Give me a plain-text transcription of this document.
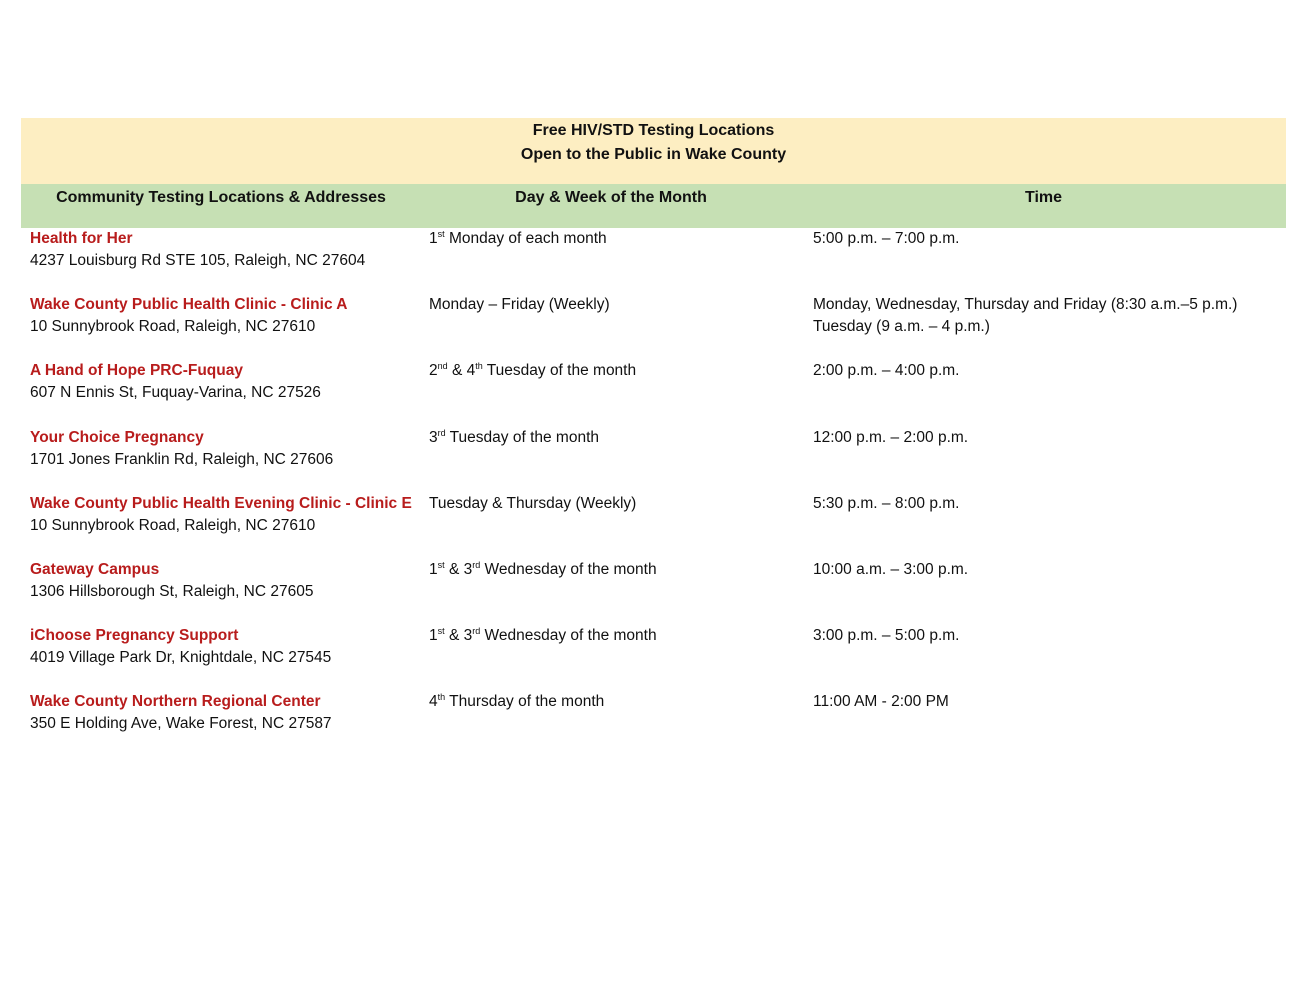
Free HIV/STD Testing Locations
Open to the Public in Wake County
Community Testing Locations & Addresses	Day & Week of the Month	Time
Health for Her
4237 Louisburg Rd STE 105, Raleigh, NC 27604
1st Monday of each month	5:00 p.m. – 7:00 p.m.
Wake County Public Health Clinic - Clinic A
10 Sunnybrook Road, Raleigh, NC 27610
Monday – Friday (Weekly)	Monday, Wednesday, Thursday and Friday (8:30 a.m.–5 p.m.)
Tuesday (9 a.m. – 4 p.m.)
A Hand of Hope PRC-Fuquay
607 N Ennis St, Fuquay-Varina, NC 27526
2nd & 4th Tuesday of the month	2:00 p.m. – 4:00 p.m.
Your Choice Pregnancy
1701 Jones Franklin Rd, Raleigh, NC 27606
3rd Tuesday of the month	12:00 p.m. – 2:00 p.m.
Wake County Public Health Evening Clinic - Clinic E
10 Sunnybrook Road, Raleigh, NC 27610
Tuesday & Thursday (Weekly)	5:30 p.m. – 8:00 p.m.
Gateway Campus
1306 Hillsborough St, Raleigh, NC 27605
1st & 3rd Wednesday of the month	10:00 a.m. – 3:00 p.m.
iChoose Pregnancy Support
4019 Village Park Dr, Knightdale, NC 27545
1st & 3rd Wednesday of the month	3:00 p.m. – 5:00 p.m.
Wake County Northern Regional Center
350 E Holding Ave, Wake Forest, NC 27587
4th Thursday of the month	11:00 AM - 2:00 PM
